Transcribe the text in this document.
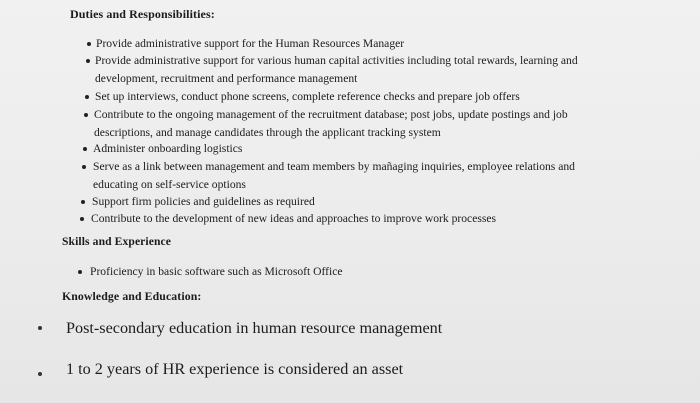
Duties and Responsibilities:
Provide administrative support for the Human Resources Manager
Provide administrative support for various human capital activities including total rewards, learning and
development, recruitment and performance management
Set up interviews, conduct phone screens, complete reference checks and prepare job offers
Contribute to the ongoing management of the recruitment database; post jobs, update postings and job
descriptions, and manage candidates through the applicant tracking system
Administer onboarding logistics
Serve as a link between management and team members by mañaging inquiries, employee relations and
educating on self-service options
Support firm policies and guidelines as required
Contribute to the development of new ideas and approaches to improve work processes
Skills and Experience
Proficiency in basic software such as Microsoft Office
Knowledge and Education:
Post-secondary education in human resource management
1 to 2 years of HR experience is considered an asset
